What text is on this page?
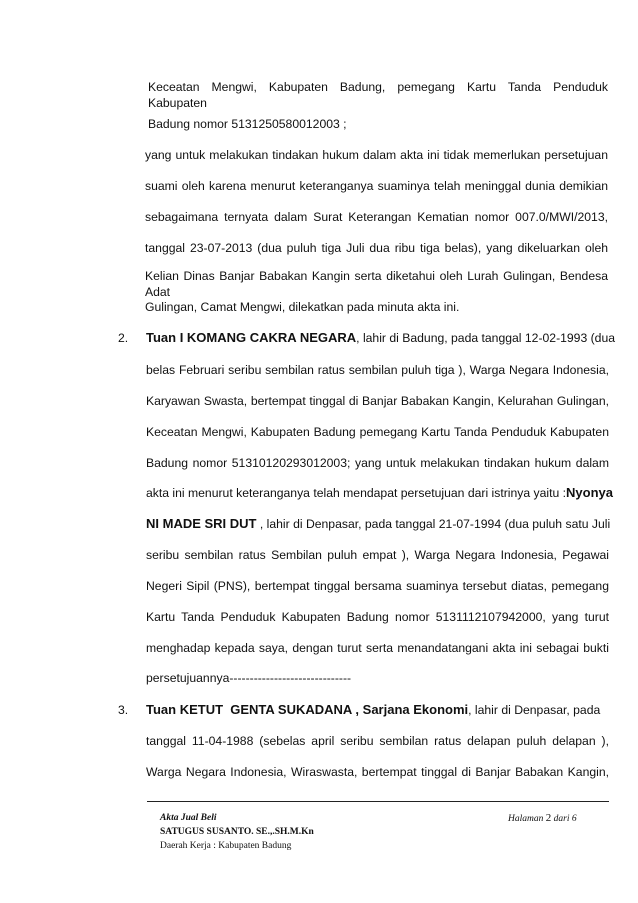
Keceatan Mengwi, Kabupaten Badung, pemegang Kartu Tanda Penduduk Kabupaten

Badung nomor 5131250580012003 ;

yang untuk melakukan tindakan hukum dalam akta ini tidak memerlukan persetujuan

suami oleh karena menurut keteranganya suaminya telah meninggal dunia demikian

sebagaimana ternyata dalam Surat Keterangan Kematian nomor 007.0/MWI/2013,

tanggal 23-07-2013 (dua puluh tiga Juli dua ribu tiga belas), yang dikeluarkan oleh

Kelian Dinas Banjar Babakan Kangin serta diketahui oleh Lurah Gulingan, Bendesa Adat

Gulingan, Camat Mengwi, dilekatkan pada minuta akta ini.

2. Tuan I KOMANG CAKRA NEGARA , lahir di Badung, pada tanggal 12-02-1993 (dua

belas Februari seribu sembilan ratus sembilan puluh tiga ), Warga Negara Indonesia,

Karyawan Swasta, bertempat tinggal di Banjar Babakan Kangin, Kelurahan Gulingan,

Keceatan Mengwi, Kabupaten Badung pemegang Kartu Tanda Penduduk Kabupaten

Badung nomor 51310120293012003; yang untuk melakukan tindakan hukum dalam

akta ini menurut keteranganya telah mendapat persetujuan dari istrinya yaitu : Nyonya

NI MADE SRI DUT , lahir di Denpasar, pada tanggal 21-07-1994 (dua puluh satu Juli

seribu sembilan ratus Sembilan puluh empat ), Warga Negara Indonesia, Pegawai

Negeri Sipil (PNS), bertempat tinggal bersama suaminya tersebut diatas, pemegang

Kartu Tanda Penduduk Kabupaten Badung nomor 5131112107942000, yang turut

menghadap kepada saya, dengan turut serta menandatangani akta ini sebagai bukti

persetujuannya------------------------------

3. Tuan KETUT  GENTA SUKADANA , Sarjana Ekonomi , lahir di Denpasar, pada

tanggal 11-04-1988 (sebelas april seribu sembilan ratus delapan puluh delapan ),

Warga Negara Indonesia, Wiraswasta, bertempat tinggal di Banjar Babakan Kangin,

Akta Jual Beli
SATUGUS SUSANTO. SE.,.SH.M.Kn
Daerah Kerja : Kabupaten Badung
Halaman 2 dari 6
